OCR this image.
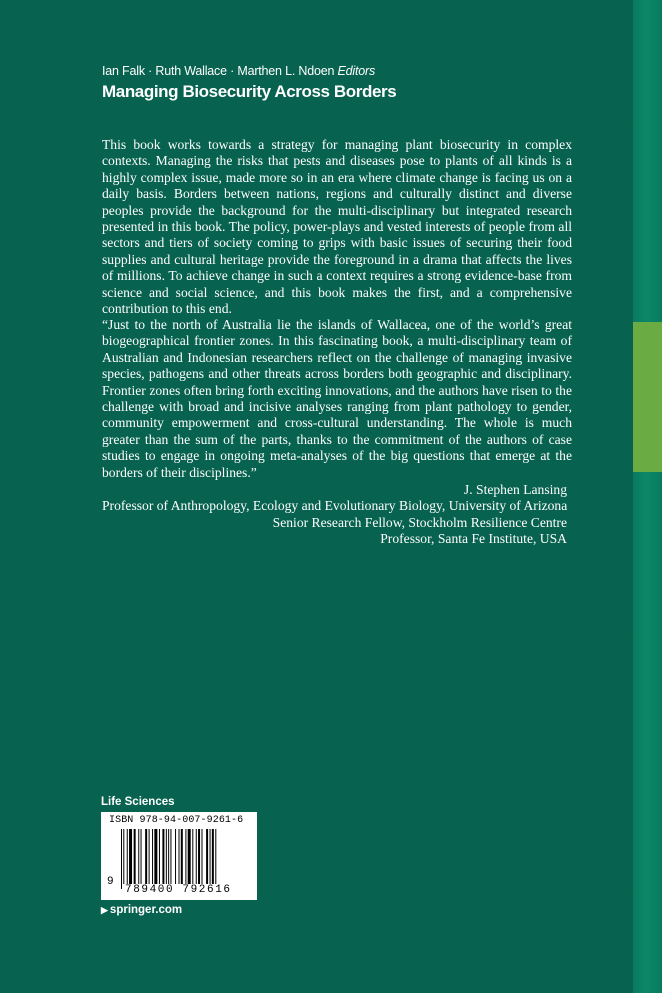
Ian Falk · Ruth Wallace · Marthen L. Ndoen Editors
Managing Biosecurity Across Borders

This book works towards a strategy for managing plant biosecurity in complex contexts. Managing the risks that pests and diseases pose to plants of all kinds is a highly complex issue, made more so in an era where climate change is facing us on a daily basis. Borders between nations, regions and culturally distinct and diverse peoples provide the background for the multi-disciplinary but integrated research presented in this book. The policy, power-plays and vested interests of people from all sectors and tiers of society coming to grips with basic issues of securing their food supplies and cultural heritage provide the foreground in a drama that affects the lives of millions. To achieve change in such a context requires a strong evidence-base from science and social science, and this book makes the first, and a comprehensive contribution to this end.

“Just to the north of Australia lie the islands of Wallacea, one of the world’s great biogeographical frontier zones. In this fascinating book, a multi-disciplinary team of Australian and Indonesian researchers reflect on the challenge of managing invasive species, pathogens and other threats across borders both geographic and disciplinary. Frontier zones often bring forth exciting innovations, and the authors have risen to the challenge with broad and incisive analyses ranging from plant pathology to gender, community empowerment and cross-cultural understanding. The whole is much greater than the sum of the parts, thanks to the commitment of the authors of case studies to engage in ongoing meta-analyses of the big questions that emerge at the borders of their disciplines.”

J. Stephen Lansing
Professor of Anthropology, Ecology and Evolutionary Biology, University of Arizona
Senior Research Fellow, Stockholm Resilience Centre
Professor, Santa Fe Institute, USA
Life Sciences
ISBN 978-94-007-9261-6
9
789400 792616
▶ springer.com
